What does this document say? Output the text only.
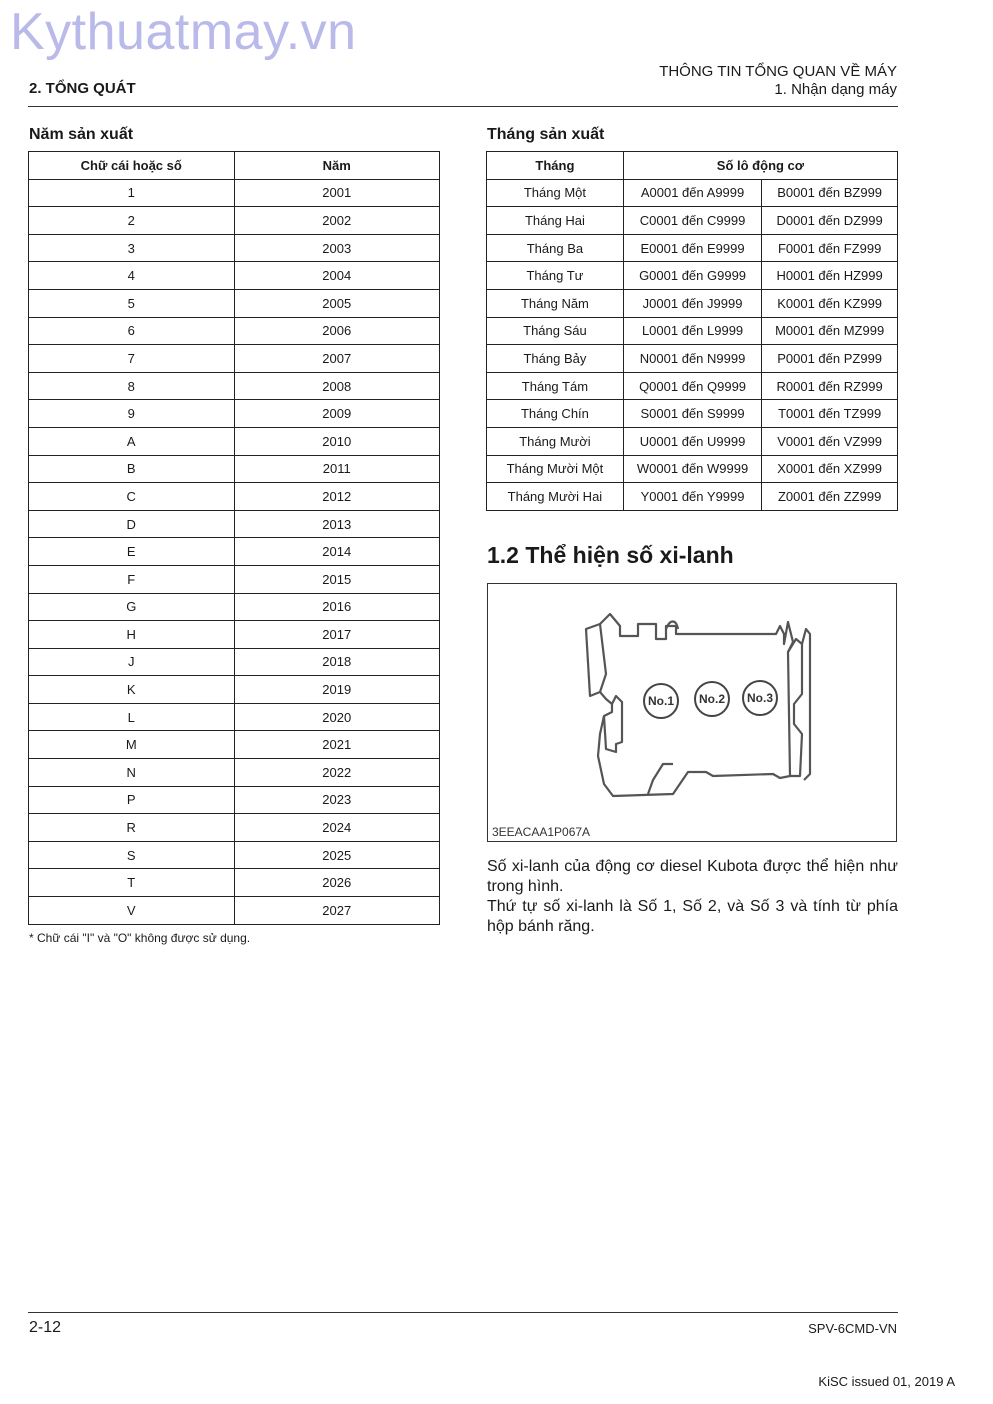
Kythuatmay.vn
THÔNG TIN TỔNG QUAN VỀ MÁY
1. Nhận dạng máy
2. TỔNG QUÁT
Năm sản xuất
Chữ cái hoặc số	Năm
1	2001
2	2002
3	2003
4	2004
5	2005
6	2006
7	2007
8	2008
9	2009
A	2010
B	2011
C	2012
D	2013
E	2014
F	2015
G	2016
H	2017
J	2018
K	2019
L	2020
M	2021
N	2022
P	2023
R	2024
S	2025
T	2026
V	2027
* Chữ cái "I" và "O" không được sử dụng.
Tháng sản xuất
Tháng	Số lô động cơ	
Tháng Một	A0001 đến A9999	B0001 đến BZ999
Tháng Hai	C0001 đến C9999	D0001 đến DZ999
Tháng Ba	E0001 đến E9999	F0001 đến FZ999
Tháng Tư	G0001 đến G9999	H0001 đến HZ999
Tháng Năm	J0001 đến J9999	K0001 đến KZ999
Tháng Sáu	L0001 đến L9999	M0001 đến MZ999
Tháng Bảy	N0001 đến N9999	P0001 đến PZ999
Tháng Tám	Q0001 đến Q9999	R0001 đến RZ999
Tháng Chín	S0001 đến S9999	T0001 đến TZ999
Tháng Mười	U0001 đến U9999	V0001 đến VZ999
Tháng Mười Một	W0001 đến W9999	X0001 đến XZ999
Tháng Mười Hai	Y0001 đến Y9999	Z0001 đến ZZ999
1.2 Thể hiện số xi-lanh
No.1 No.2 No.3
3EEACAA1P067A

Số xi-lanh của động cơ diesel Kubota được thể hiện như trong hình.

Thứ tự số xi-lanh là Số 1, Số 2, và Số 3 và tính từ phía hộp bánh răng.

2-12	SPV-6CMD-VN
KiSC issued 01, 2019 A
